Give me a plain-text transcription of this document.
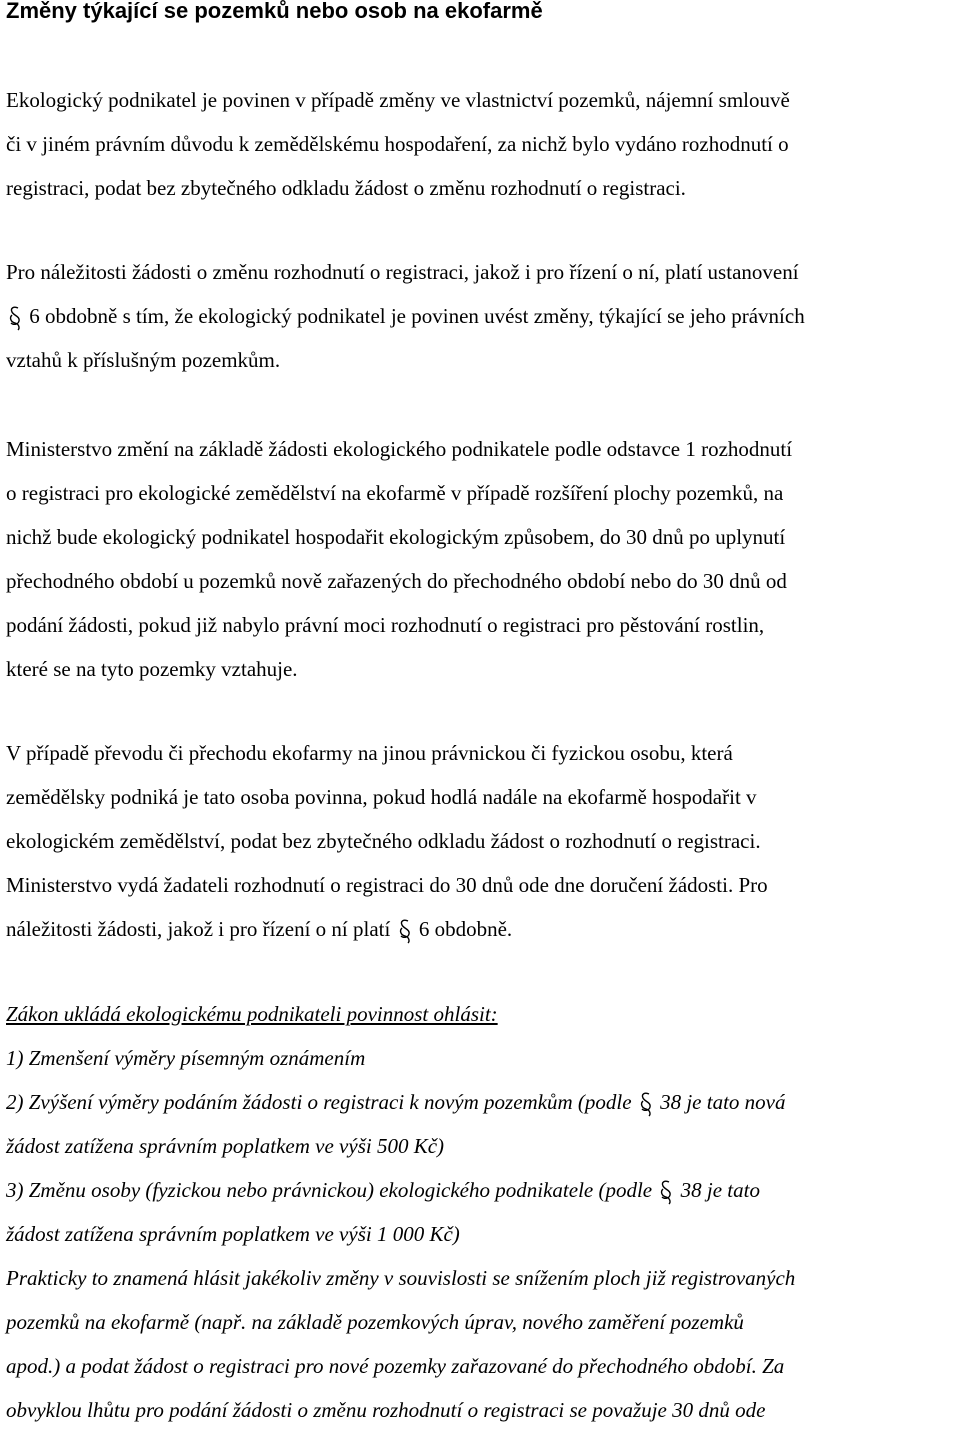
Změny týkající se pozemků nebo osob na ekofarmě
Ekologický podnikatel je povinen v případě změny ve vlastnictví pozemků, nájemní smlouvě
či v jiném právním důvodu k zemědělskému hospodaření, za nichž bylo vydáno rozhodnutí o
registraci, podat bez zbytečného odkladu žádost o změnu rozhodnutí o registraci.
Pro náležitosti žádosti o změnu rozhodnutí o registraci, jakož i pro řízení o ní, platí ustanovení
6 obdobně s tím, že ekologický podnikatel je povinen uvést změny, týkající se jeho právních
vztahů k příslušným pozemkům.
Ministerstvo změní na základě žádosti ekologického podnikatele podle odstavce 1 rozhodnutí
o registraci pro ekologické zemědělství na ekofarmě v případě rozšíření plochy pozemků, na
nichž bude ekologický podnikatel hospodařit ekologickým způsobem, do 30 dnů po uplynutí
přechodného období u pozemků nově zařazených do přechodného období nebo do 30 dnů od
podání žádosti, pokud již nabylo právní moci rozhodnutí o registraci pro pěstování rostlin,
které se na tyto pozemky vztahuje.
V případě převodu či přechodu ekofarmy na jinou právnickou či fyzickou osobu, která
zemědělsky podniká je tato osoba povinna, pokud hodlá nadále na ekofarmě hospodařit v
ekologickém zemědělství, podat bez zbytečného odkladu žádost o rozhodnutí o registraci.
Ministerstvo vydá žadateli rozhodnutí o registraci do 30 dnů ode dne doručení žádosti. Pro
náležitosti žádosti, jakož i pro řízení o ní platí 6 obdobně.
Zákon ukládá ekologickému podnikateli povinnost ohlásit:
1) Zmenšení výměry písemným oznámením
2) Zvýšení výměry podáním žádosti o registraci k novým pozemkům (podle 38 je tato nová
žádost zatížena správním poplatkem ve výši 500 Kč)
3) Změnu osoby (fyzickou nebo právnickou) ekologického podnikatele (podle 38 je tato
žádost zatížena správním poplatkem ve výši 1 000 Kč)
Prakticky to znamená hlásit jakékoliv změny v souvislosti se snížením ploch již registrovaných
pozemků na ekofarmě (např. na základě pozemkových úprav, nového zaměření pozemků
apod.) a podat žádost o registraci pro nové pozemky zařazované do přechodného období. Za
obvyklou lhůtu pro podání žádosti o změnu rozhodnutí o registraci se považuje 30 dnů ode
